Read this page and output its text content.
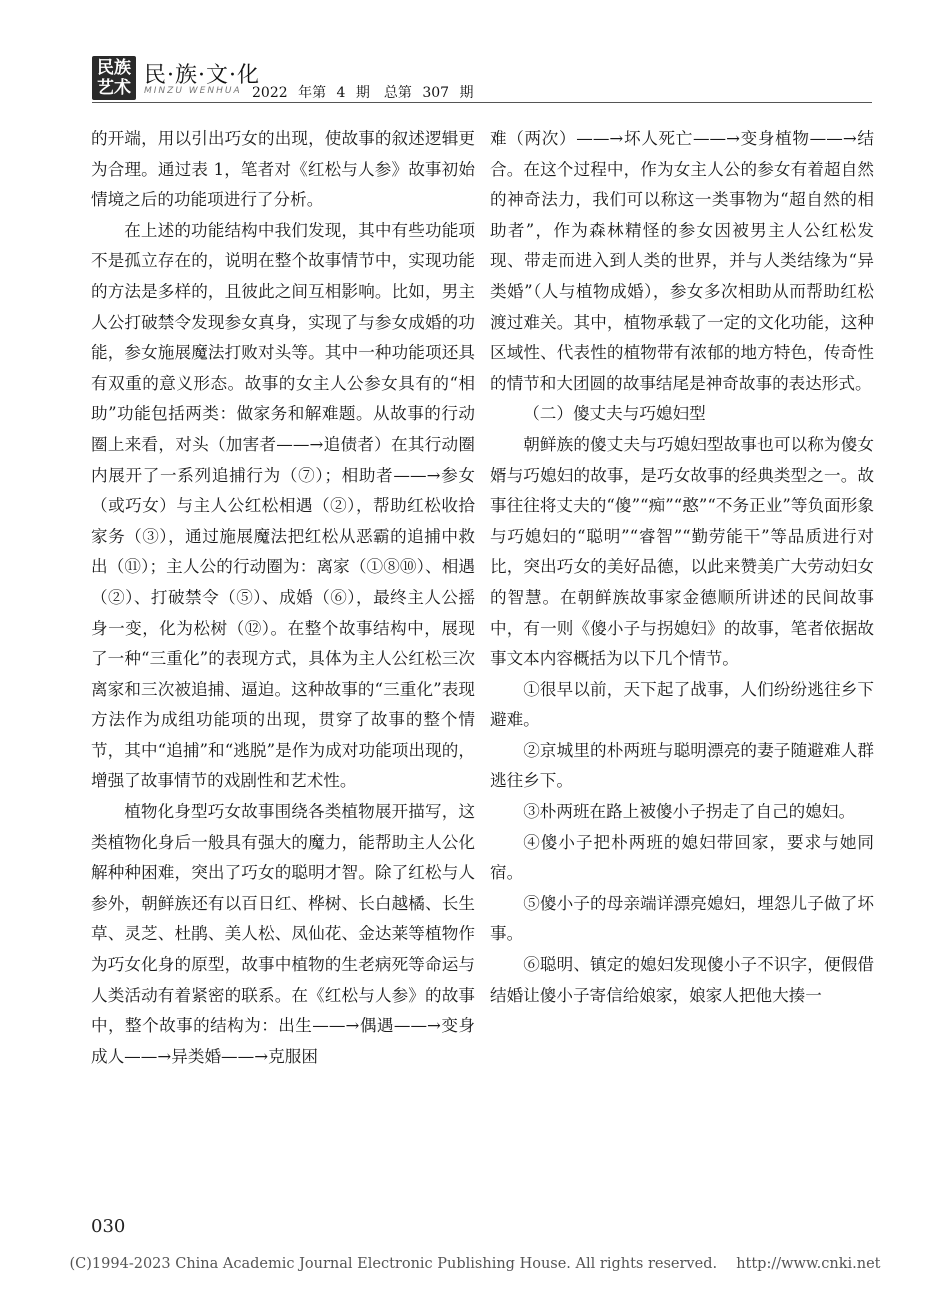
民族
艺术 民·族·文·化
MINZU WENHUA 2022 年第 4 期　总第 307 期

的开端，用以引出巧女的出现，使故事的叙述逻辑更为合理。通过表 1，笔者对《红松与人参》故事初始情境之后的功能项进行了分析。

在上述的功能结构中我们发现，其中有些功能项不是孤立存在的，说明在整个故事情节中，实现功能的方法是多样的，且彼此之间互相影响。比如，男主人公打破禁令发现参女真身，实现了与参女成婚的功能，参女施展魔法打败对头等。其中一种功能项还具有双重的意义形态。故事的女主人公参女具有的“相助”功能包括两类：做家务和解难题。从故事的行动圈上来看，对头（加害者——→追债者）在其行动圈内展开了一系列追捕行为（⑦）；相助者——→参女（或巧女）与主人公红松相遇（②），帮助红松收拾家务（③），通过施展魔法把红松从恶霸的追捕中救出（⑪）；主人公的行动圈为：离家（①⑧⑩）、相遇（②）、打破禁令（⑤）、成婚（⑥），最终主人公摇身一变，化为松树（⑫）。在整个故事结构中，展现了一种“三重化”的表现方式，具体为主人公红松三次离家和三次被追捕、逼迫。这种故事的“三重化”表现方法作为成组功能项的出现，贯穿了故事的整个情节，其中“追捕”和“逃脱”是作为成对功能项出现的，增强了故事情节的戏剧性和艺术性。

植物化身型巧女故事围绕各类植物展开描写，这类植物化身后一般具有强大的魔力，能帮助主人公化解种种困难，突出了巧女的聪明才智。除了红松与人参外，朝鲜族还有以百日红、桦树、长白越橘、长生草、灵芝、杜鹃、美人松、凤仙花、金达莱等植物作为巧女化身的原型，故事中植物的生老病死等命运与人类活动有着紧密的联系。在《红松与人参》的故事中，整个故事的结构为：出生——→偶遇——→变身成人——→异类婚——→克服困

难（两次）——→坏人死亡——→变身植物——→结合。在这个过程中，作为女主人公的参女有着超自然的神奇法力，我们可以称这一类事物为“超自然的相助者”，作为森林精怪的参女因被男主人公红松发现、带走而进入到人类的世界，并与人类结缘为“异类婚”（人与植物成婚），参女多次相助从而帮助红松渡过难关。其中，植物承载了一定的文化功能，这种区域性、代表性的植物带有浓郁的地方特色，传奇性的情节和大团圆的故事结尾是神奇故事的表达形式。

（二）傻丈夫与巧媳妇型

朝鲜族的傻丈夫与巧媳妇型故事也可以称为傻女婿与巧媳妇的故事，是巧女故事的经典类型之一。故事往往将丈夫的“傻”“痴”“憨”“不务正业”等负面形象与巧媳妇的“聪明”“睿智”“勤劳能干”等品质进行对比，突出巧女的美好品德，以此来赞美广大劳动妇女的智慧。在朝鲜族故事家金德顺所讲述的民间故事中，有一则《傻小子与拐媳妇》的故事，笔者依据故事文本内容概括为以下几个情节。

①很早以前，天下起了战事，人们纷纷逃往乡下避难。

②京城里的朴两班与聪明漂亮的妻子随避难人群逃往乡下。

③朴两班在路上被傻小子拐走了自己的媳妇。

④傻小子把朴两班的媳妇带回家，要求与她同宿。

⑤傻小子的母亲端详漂亮媳妇，埋怨儿子做了坏事。

⑥聪明、镇定的媳妇发现傻小子不识字，便假借结婚让傻小子寄信给娘家，娘家人把他大揍一

030
(C)1994-2023 China Academic Journal Electronic Publishing House. All rights reserved.　 http://www.cnki.net
